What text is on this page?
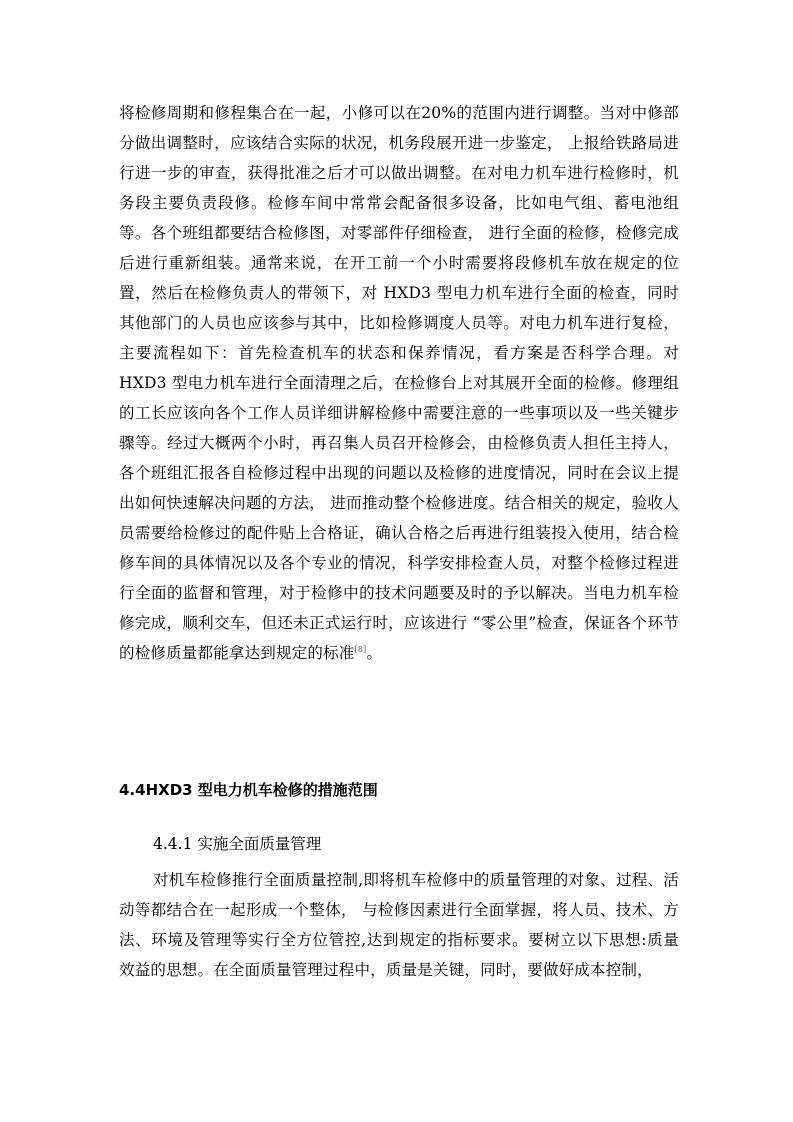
将检修周期和修程集合在一起，小修可以在20%的范围内进行调整。当对中修部分做出调整时，应该结合实际的状况，机务段展开进一步鉴定， 上报给铁路局进行进一步的审查，获得批准之后才可以做出调整。在对电力机车进行检修时，机务段主要负责段修。检修车间中常常会配备很多设备，比如电气组、蓄电池组等。各个班组都要结合检修图，对零部件仔细检查， 进行全面的检修，检修完成后进行重新组装。通常来说，在开工前一个小时需要将段修机车放在规定的位置，然后在检修负责人的带领下，对 HXD3 型电力机车进行全面的检查，同时其他部门的人员也应该参与其中，比如检修调度人员等。对电力机车进行复检，主要流程如下：首先检查机车的状态和保养情况，看方案是否科学合理。对 HXD3 型电力机车进行全面清理之后，在检修台上对其展开全面的检修。修理组的工长应该向各个工作人员详细讲解检修中需要注意的一些事项以及一些关键步骤等。经过大概两个小时，再召集人员召开检修会，由检修负责人担任主持人，各个班组汇报各自检修过程中出现的问题以及检修的进度情况，同时在会议上提出如何快速解决问题的方法， 进而推动整个检修进度。结合相关的规定，验收人员需要给检修过的配件贴上合格证，确认合格之后再进行组装投入使用，结合检修车间的具体情况以及各个专业的情况，科学安排检查人员，对整个检修过程进行全面的监督和管理，对于检修中的技术问题要及时的予以解决。当电力机车检修完成，顺利交车，但还未正式运行时，应该进行 “零公里”检查，保证各个环节的检修质量都能拿达到规定的标准[8]。

4.4HXD3 型电力机车检修的措施范围
4.4.1 实施全面质量管理

对机车检修推行全面质量控制,即将机车检修中的质量管理的对象、过程、活动等都结合在一起形成一个整体， 与检修因素进行全面掌握，将人员、技术、方法、环境及管理等实行全方位管控,达到规定的指标要求。要树立以下思想:质量效益的思想。在全面质量管理过程中，质量是关键，同时，要做好成本控制，
